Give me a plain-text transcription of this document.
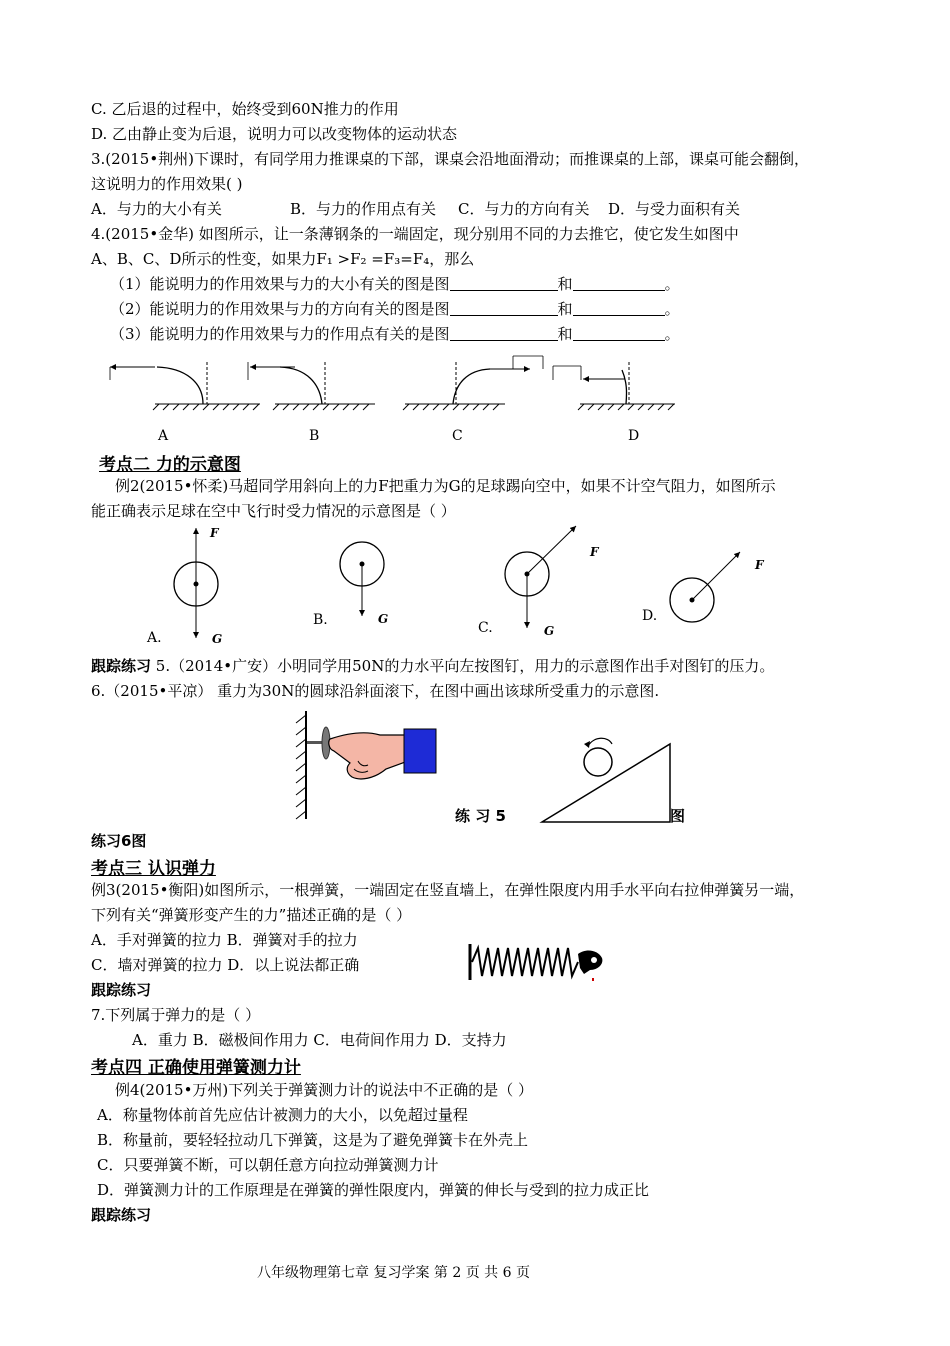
C. 乙后退的过程中，始终受到60N推力的作用
D. 乙由静止变为后退，说明力可以改变物体的运动状态
3.(2015•荆州)下课时，有同学用力推课桌的下部，课桌会沿地面滑动；而推课桌的上部，课桌可能会翻倒，
这说明力的作用效果( )
A．与力的大小有关	B．与力的作用点有关 C．与力的方向有关 D．与受力面积有关
4.(2015•金华) 如图所示，让一条薄钢条的一端固定，现分别用不同的力去推它，使它发生如图中
A、B、C、D所示的性变，如果力F₁ >F₂ =F₃=F₄，那么
（1）能说明力的作用效果与力的大小有关的图是图	和	。
（2）能说明力的作用效果与力的方向有关的图是图	和	。
（3）能说明力的作用效果与力的作用点有关的是图	和	。
A	B	C	D
考点二 力的示意图
例2(2015•怀柔)马超同学用斜向上的力F把重力为G的足球踢向空中，如果不计空气阻力，如图所示
能正确表示足球在空中飞行时受力情况的示意图是（ ）
F
G
G
F
G
F
A.
B.	C.
D.
跟踪练习 5.（2014•广安）小明同学用50N的力水平向左按图钉，用力的示意图作出手对图钉的压力。
6.（2015•平凉） 重力为30N的圆球沿斜面滚下，在图中画出该球所受重力的示意图.
练 习 5	图
练习6图
考点三 认识弹力
例3(2015•衡阳)如图所示，一根弹簧，一端固定在竖直墙上，在弹性限度内用手水平向右拉伸弹簧另一端，
下列有关“弹簧形变产生的力”描述正确的是（ ）
A．手对弹簧的拉力 B．弹簧对手的拉力
C．墙对弹簧的拉力 D．以上说法都正确
跟踪练习
7.下列属于弹力的是（ ）
A．重力 B．磁极间作用力 C．电荷间作用力 D．支持力
考点四 正确使用弹簧测力计
例4(2015•万州)下列关于弹簧测力计的说法中不正确的是（ ）
A．称量物体前首先应估计被测力的大小，以免超过量程
B．称量前，要轻轻拉动几下弹簧，这是为了避免弹簧卡在外壳上
C．只要弹簧不断，可以朝任意方向拉动弹簧测力计
D．弹簧测力计的工作原理是在弹簧的弹性限度内，弹簧的伸长与受到的拉力成正比
跟踪练习
八年级物理第七章 复习学案 第 2 页 共 6 页
